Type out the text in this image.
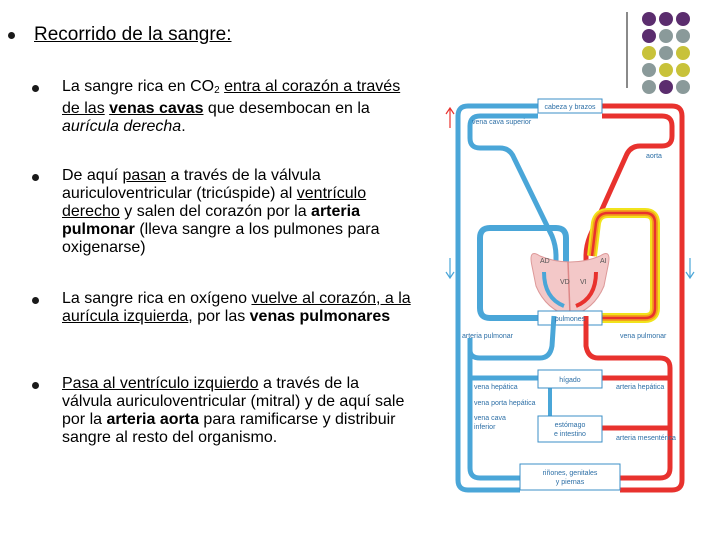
Recorrido de la sangre:
La sangre rica en $CO_2$ entra al corazón a través de las venas cavas que desembocan en la aurícula derecha.
De aquí pasan a través de la válvula auriculoventricular (tricúspide) al ventrículo derecho y salen del corazón por la arteria pulmonar (lleva sangre a los pulmones para oxigenarse)
La sangre rica en oxígeno vuelve al corazón, a la aurícula izquierda, por las venas pulmonares
Pasa al ventrículo izquierdo a través de la válvula auriculoventricular (mitral) y de aquí sale por la arteria aorta para ramificarse y distribuir sangre al resto del organismo.
cabeza y brazos
vena cava superior
aorta
AD	AI
VD VI
pulmones
arteria pulmonar	vena pulmonar
hígado
vena hepática	arteria hepática
vena porta hepática
vena cava
inferior	estómago
e intestino
arteria mesentérica
riñones, genitales
y piernas
